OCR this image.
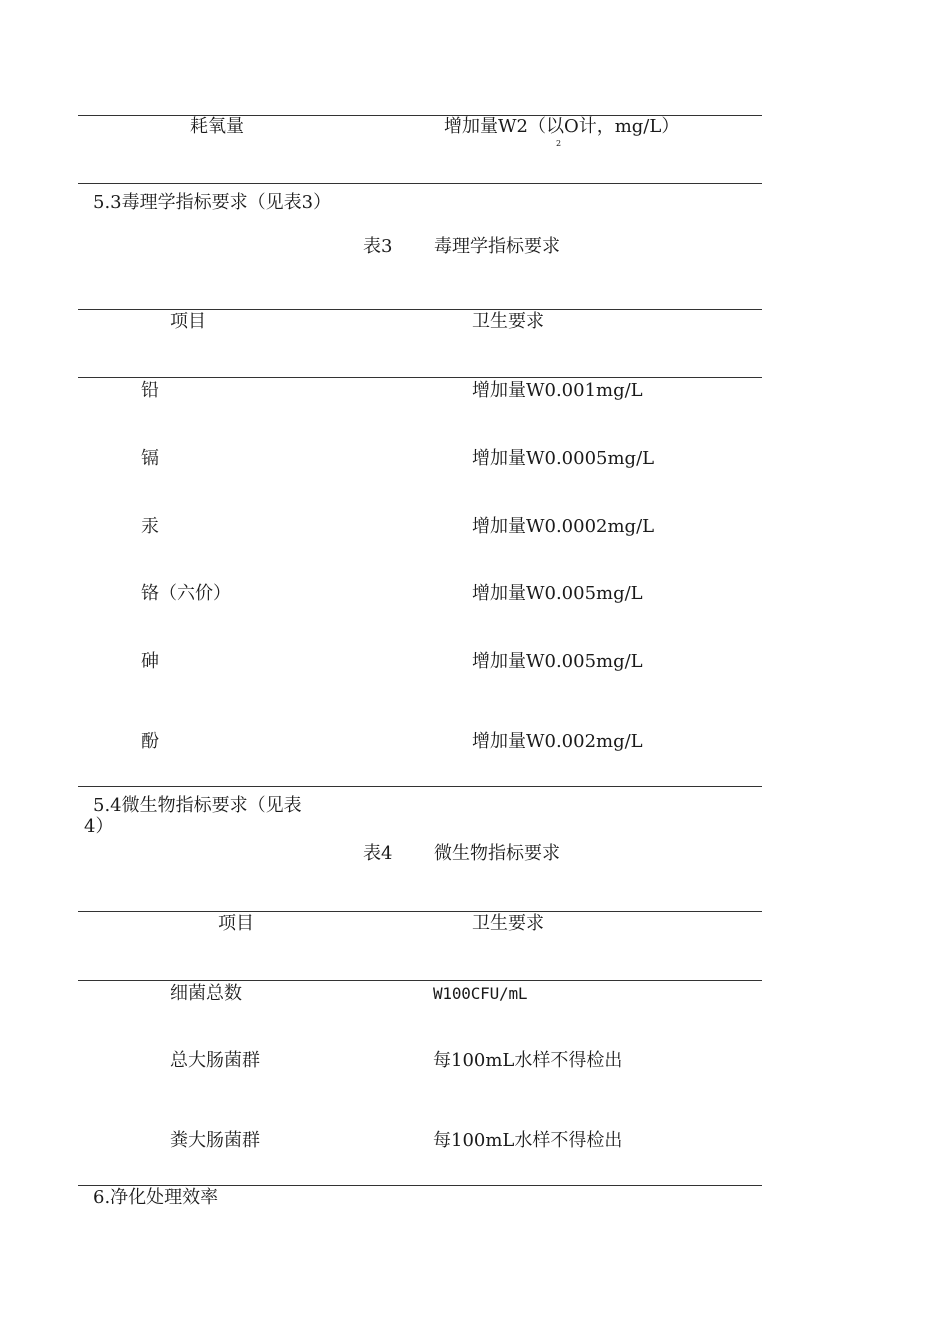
耗氧量	增加量W2（以O计，mg/L）
2
5.3毒理学指标要求（见表3）
表3 毒理学指标要求
项目	卫生要求
铅	增加量W0.001mg/L
镉	增加量W0.0005mg/L
汞	增加量W0.0002mg/L
铬（六价）	增加量W0.005mg/L
砷	增加量W0.005mg/L
酚	增加量W0.002mg/L
5.4微生物指标要求（见表
4）
表4 微生物指标要求
项目	卫生要求
细菌总数	W100CFU/mL
总大肠菌群	每100mL水样不得检出
粪大肠菌群	每100mL水样不得检出
6.净化处理效率
